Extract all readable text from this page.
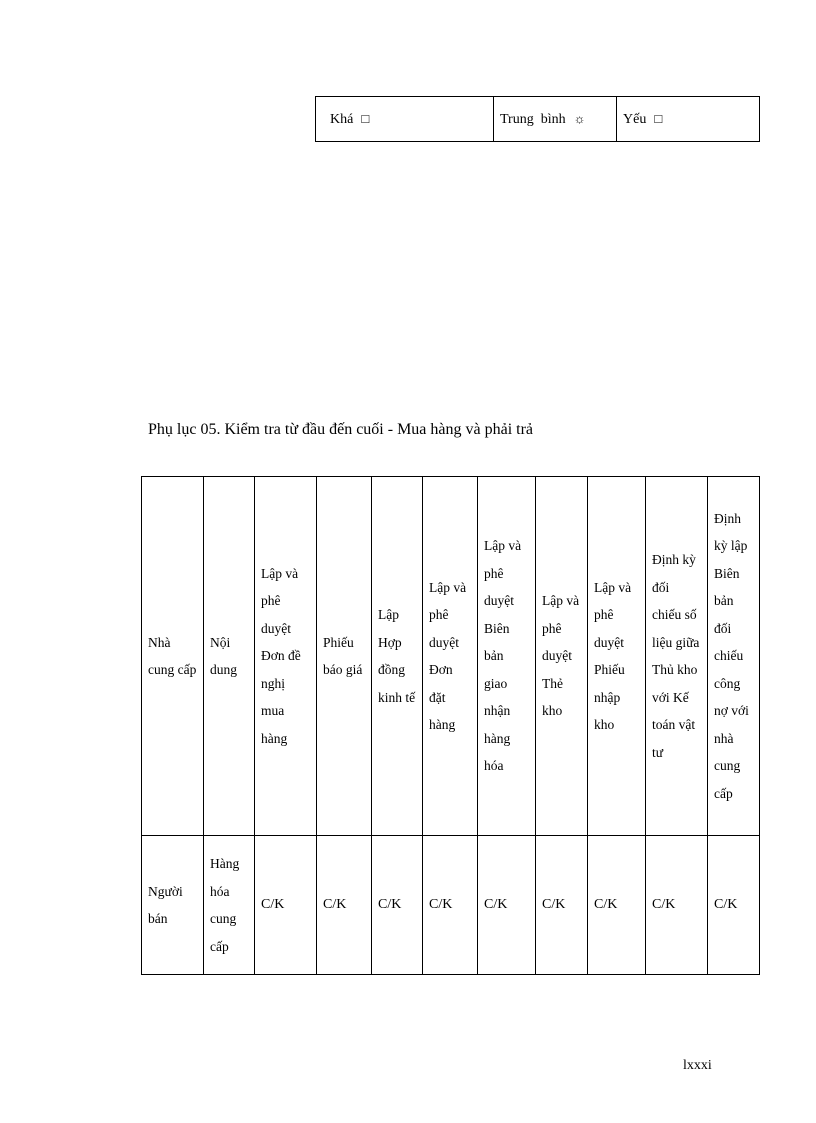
Khá □	Trung  bình ☼	Yếu □
Phụ lục 05. Kiểm tra từ đầu đến cuối - Mua hàng và phải trả
Nhà cung cấp	Nội dung	Lập và phê duyệt Đơn đề nghị mua hàng	Phiếu báo giá	Lập Hợp đồng kinh tế	Lập và phê duyệt Đơn đặt hàng	Lập và phê duyệt Biên bản giao nhận hàng hóa	Lập và phê duyệt Thẻ kho	Lập và phê duyệt Phiếu nhập kho	Định kỳ đối chiếu số liệu giữa Thủ kho với Kế toán vật tư	Định kỳ lập Biên bản đối chiếu công nợ với nhà cung cấp
Người bán	Hàng hóa cung cấp	C/K	C/K	C/K	C/K	C/K	C/K	C/K	C/K	C/K
lxxxi
